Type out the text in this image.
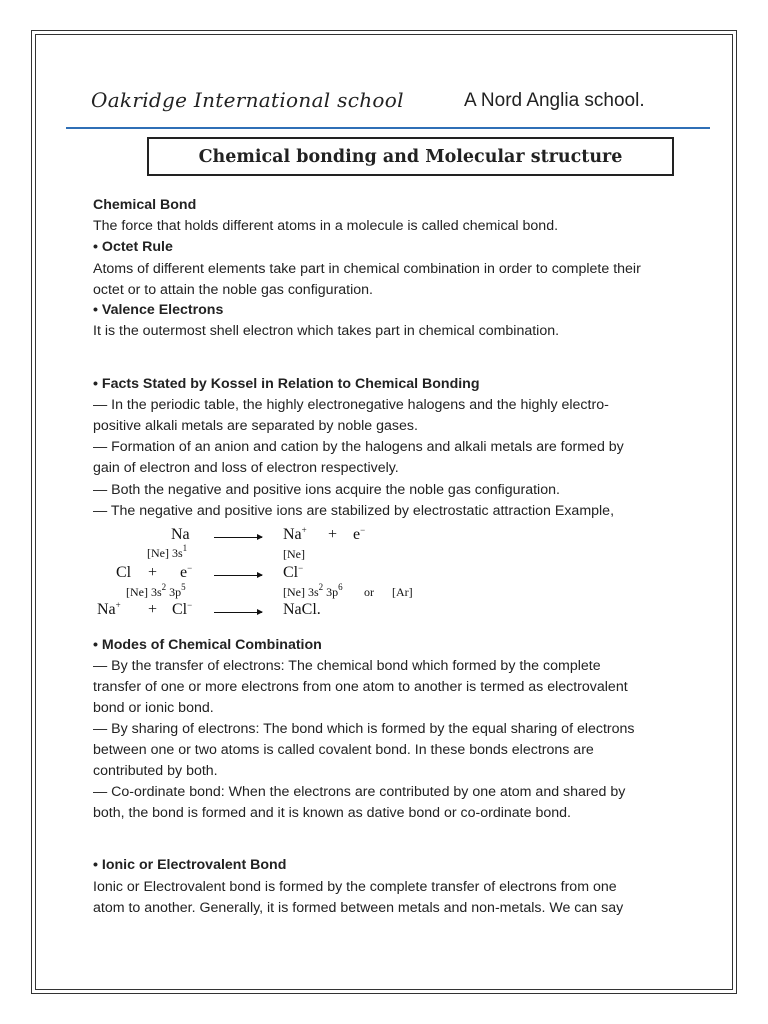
Oakridge International school	A Nord Anglia school.
Chemical bonding and Molecular structure
Chemical Bond
The force that holds different atoms in a molecule is called chemical bond.
• Octet Rule
Atoms of different elements take part in chemical combination in order to complete their
octet or to attain the noble gas configuration.
• Valence Electrons
It is the outermost shell electron which takes part in chemical combination.
• Facts Stated by Kossel in Relation to Chemical Bonding
— In the periodic table, the highly electronegative halogens and the highly electro-
positive alkali metals are separated by noble gases.
— Formation of an anion and cation by the halogens and alkali metals are formed by
gain of electron and loss of electron respectively.
— Both the negative and positive ions acquire the noble gas configuration.
— The negative and positive ions are stabilized by electrostatic attraction Example,
Na	Na+ + e−
[Ne] $3s^1$	[Ne]
Cl + e−	Cl−
[Ne] $3s^2$ $3p^5$	[Ne] $3s^2$ $3p^6$ or [Ar]
Na+ + Cl−	NaCl.
• Modes of Chemical Combination
— By the transfer of electrons: The chemical bond which formed by the complete
transfer of one or more electrons from one atom to another is termed as electrovalent
bond or ionic bond.
— By sharing of electrons: The bond which is formed by the equal sharing of electrons
between one or two atoms is called covalent bond. In these bonds electrons are
contributed by both.
— Co-ordinate bond: When the electrons are contributed by one atom and shared by
both, the bond is formed and it is known as dative bond or co-ordinate bond.
• Ionic or Electrovalent Bond
Ionic or Electrovalent bond is formed by the complete transfer of electrons from one
atom to another. Generally, it is formed between metals and non-metals. We can say
